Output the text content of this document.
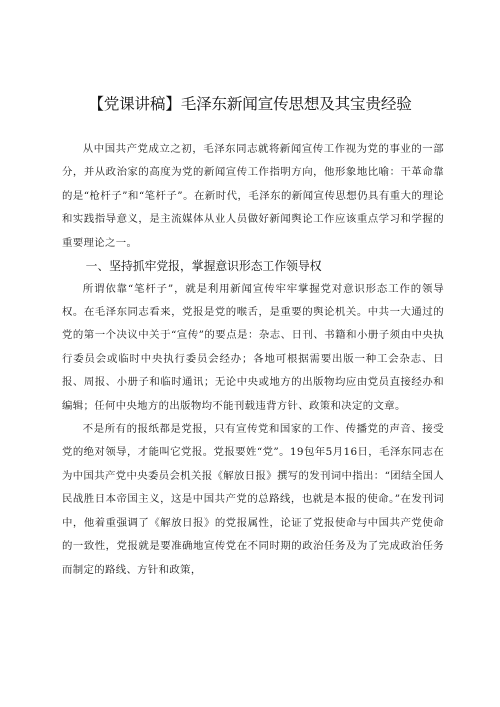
【党课讲稿】毛泽东新闻宣传思想及其宝贵经验

从中国共产党成立之初，毛泽东同志就将新闻宣传工作视为党的事业的一部分，并从政治家的高度为党的新闻宣传工作指明方向，他形象地比喻：干革命靠的是“枪杆子”和“笔杆子”。在新时代，毛泽东的新闻宣传思想仍具有重大的理论和实践指导意义，是主流媒体从业人员做好新闻舆论工作应该重点学习和学握的重要理论之一。

一、坚持抓牢党报，掌握意识形态工作领导权

所谓依靠“笔杆子”，就是利用新闻宣传牢牢掌握党对意识形态工作的领导权。在毛泽东同志看来，党报是党的喉舌，是重要的舆论机关。中共一大通过的党的第一个决议中关于“宣传”的要点是：杂志、日刊、书籍和小册子须由中央执行委员会或临时中央执行委员会经办；各地可根据需要出版一种工会杂志、日报、周报、小册子和临时通讯；无论中央或地方的出版物均应由党员直接经办和编辑；任何中央地方的出版物均不能刊载违背方针、政策和决定的文章。

不是所有的报纸都是党报，只有宣传党和国家的工作、传播党的声音、接受党的绝对领导，才能叫它党报。党报要姓“党”。19包年5月16日，毛泽东同志在为中国共产党中央委员会机关报《解放日报》撰写的发刊词中指出：“团结全国人民战胜日本帝国主义，这是中国共产党的总路线，也就是本报的使命。”在发刊词中，他着重强调了《解放日报》的党报属性，论证了党报使命与中国共产党使命的一致性，党报就是要准确地宣传党在不同时期的政治任务及为了完成政治任务而制定的路线、方针和政策，
